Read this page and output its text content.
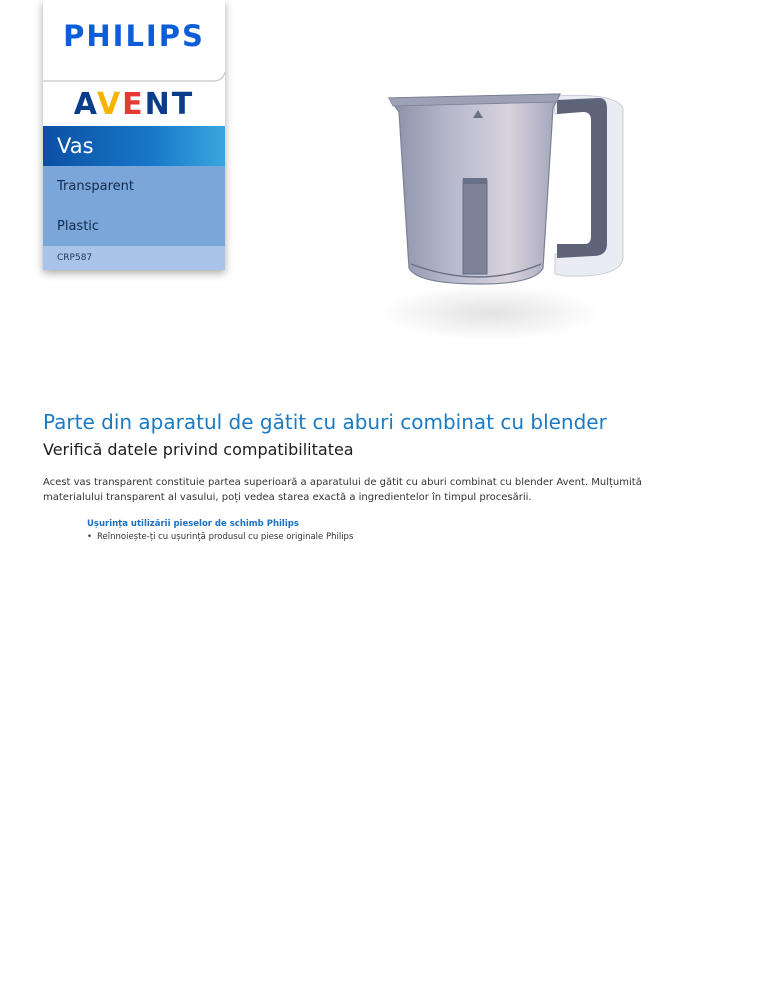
PHILIPS
AVENT
Vas
Transparent
Plastic
CRP587
Parte din aparatul de gătit cu aburi combinat cu blender
Verifică datele privind compatibilitatea

Acest vas transparent constituie partea superioară a aparatului de gătit cu aburi combinat cu blender Avent. Mulțumită materialului transparent al vasului, poți vedea starea exactă a ingredientelor în timpul procesării.

Ușurința utilizării pieselor de schimb Philips
• Reînnoiește-ți cu ușurință produsul cu piese originale Philips
